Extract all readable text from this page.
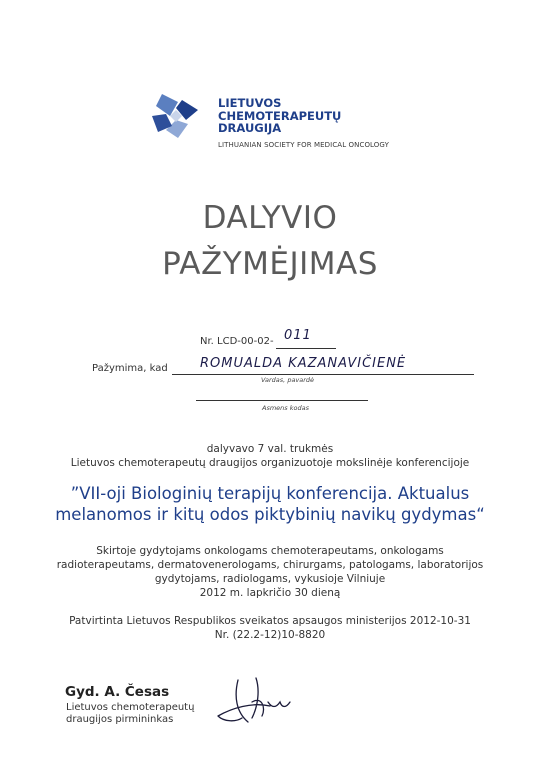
LIETUVOS
CHEMOTERAPEUTŲ
DRAUGIJA
LITHUANIAN SOCIETY FOR MEDICAL ONCOLOGY
DALYVIO
PAŽYMĖJIMAS
Nr. LCD-00-02- 011
Pažymima, kad ROMUALDA KAZANAVIČIENĖ
Vardas, pavardė
Asmens kodas
dalyvavo 7 val. trukmės
Lietuvos chemoterapeutų draugijos organizuotoje mokslinėje konferencijoje
”VII-oji Biologinių terapijų konferencija. Aktualus
melanomos ir kitų odos piktybinių navikų gydymas“
Skirtoje gydytojams onkologams chemoterapeutams, onkologams
radioterapeutams, dermatovenerologams, chirurgams, patologams, laboratorijos
gydytojams, radiologams, vykusioje Vilniuje
2012 m. lapkričio 30 dieną
Patvirtinta Lietuvos Respublikos sveikatos apsaugos ministerijos 2012-10-31
Nr. (22.2-12)10-8820
Gyd. A. Česas
Lietuvos chemoterapeutų
draugijos pirmininkas
